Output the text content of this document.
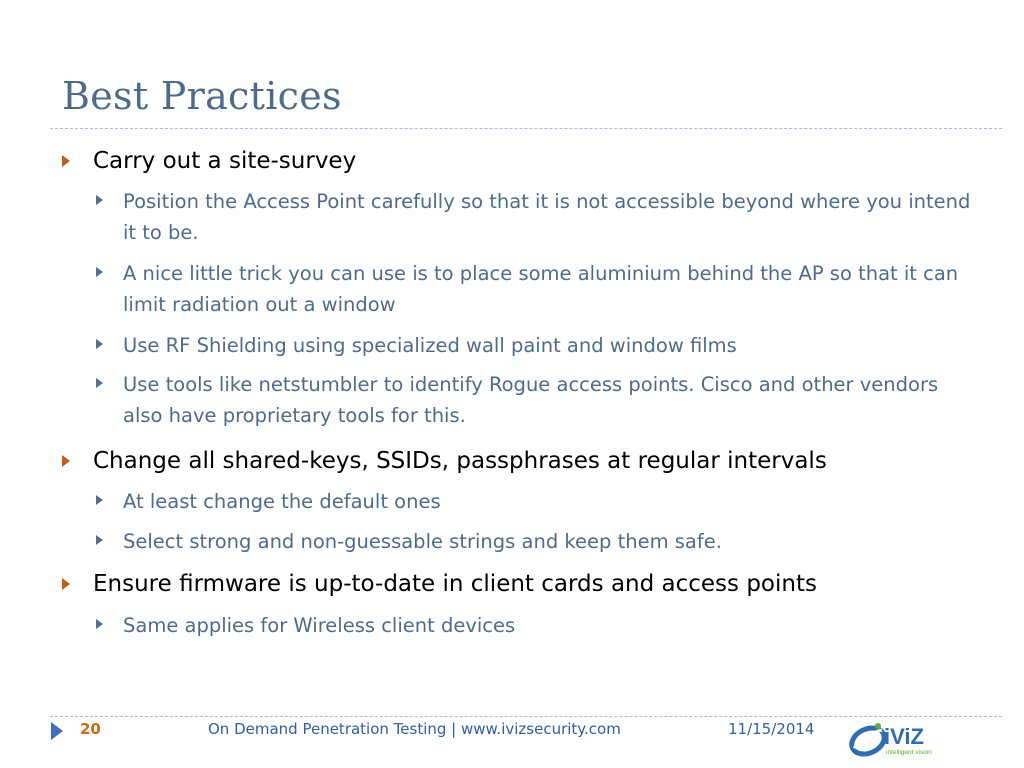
Best Practices
Carry out a site-survey
Position the Access Point carefully so that it is not accessible beyond where you intend it to be.
A nice little trick you can use is to place some aluminium behind the AP so that it can limit radiation out a window
Use RF Shielding using specialized wall paint and window films
Use tools like netstumbler to identify Rogue access points. Cisco and other vendors also have proprietary tools for this.
Change all shared-keys, SSIDs, passphrases at regular intervals
At least change the default ones
Select strong and non-guessable strings and keep them safe.
Ensure firmware is up-to-date in client cards and access points
Same applies for Wireless client devices
20	On Demand Penetration Testing | www.ivizsecurity.com	11/15/2014	iViZ
intelligent vision
